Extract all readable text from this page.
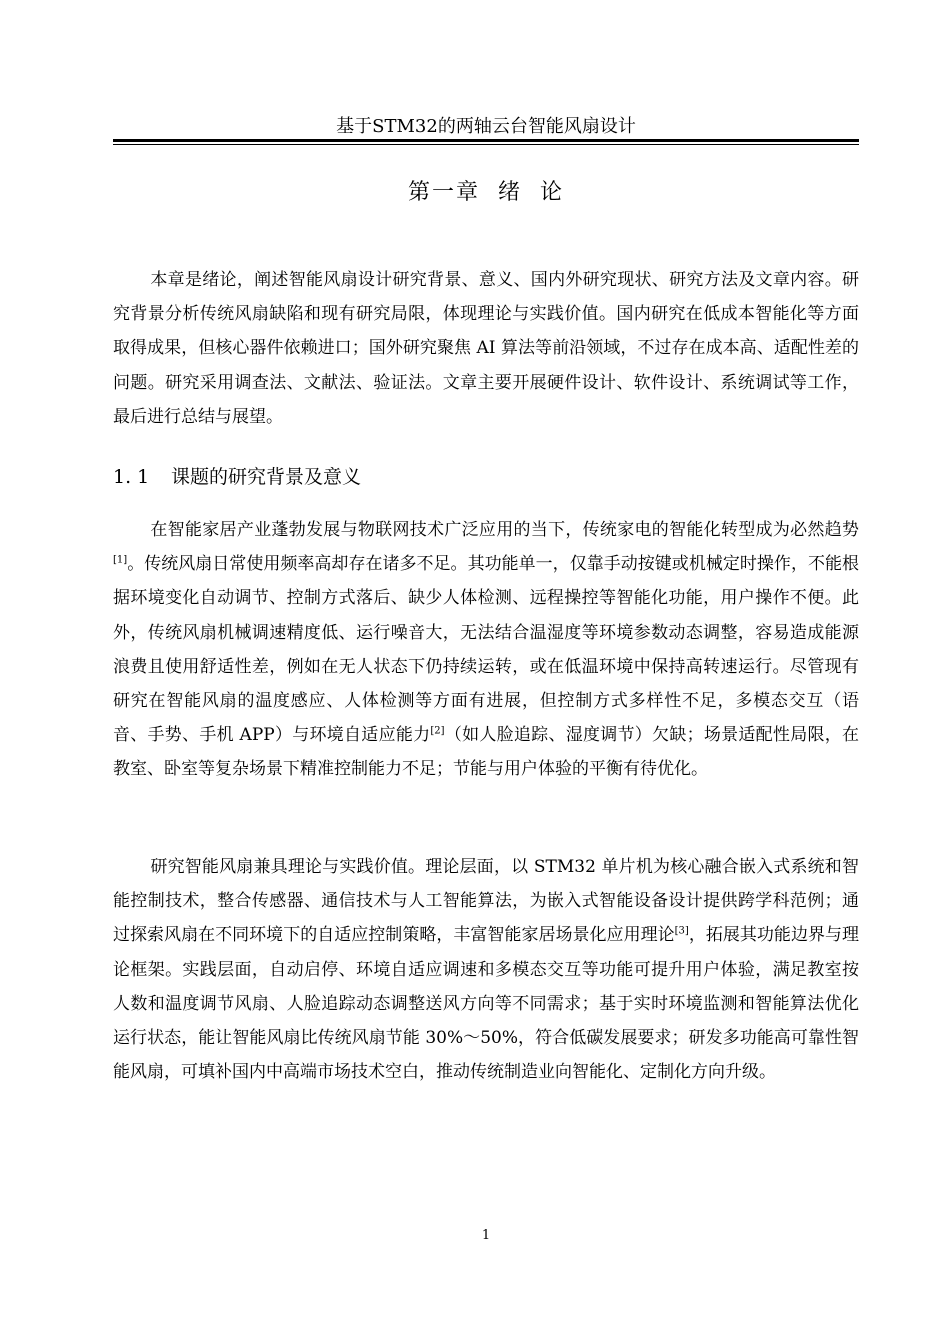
基于STM32的两轴云台智能风扇设计
第一章  绪  论

本章是绪论，阐述智能风扇设计研究背景、意义、国内外研究现状、研究方法及文章内容。研究背景分析传统风扇缺陷和现有研究局限，体现理论与实践价值。国内研究在低成本智能化等方面取得成果，但核心器件依赖进口；国外研究聚焦 AI 算法等前沿领域，不过存在成本高、适配性差的问题。研究采用调查法、文献法、验证法。文章主要开展硬件设计、软件设计、系统调试等工作，最后进行总结与展望。

1. 1 课题的研究背景及意义

在智能家居产业蓬勃发展与物联网技术广泛应用的当下，传统家电的智能化转型成为必然趋势[1]。传统风扇日常使用频率高却存在诸多不足。其功能单一，仅靠手动按键或机械定时操作，不能根据环境变化自动调节、控制方式落后、缺少人体检测、远程操控等智能化功能，用户操作不便。此外，传统风扇机械调速精度低、运行噪音大，无法结合温湿度等环境参数动态调整，容易造成能源浪费且使用舒适性差，例如在无人状态下仍持续运转，或在低温环境中保持高转速运行。尽管现有研究在智能风扇的温度感应、人体检测等方面有进展，但控制方式多样性不足，多模态交互（语音、手势、手机 APP）与环境自适应能力[2]（如人脸追踪、湿度调节）欠缺；场景适配性局限，在教室、卧室等复杂场景下精准控制能力不足；节能与用户体验的平衡有待优化。

研究智能风扇兼具理论与实践价值。理论层面，以 STM32 单片机为核心融合嵌入式系统和智能控制技术，整合传感器、通信技术与人工智能算法，为嵌入式智能设备设计提供跨学科范例；通过探索风扇在不同环境下的自适应控制策略，丰富智能家居场景化应用理论[3]，拓展其功能边界与理论框架。实践层面，自动启停、环境自适应调速和多模态交互等功能可提升用户体验，满足教室按人数和温度调节风扇、人脸追踪动态调整送风方向等不同需求；基于实时环境监测和智能算法优化运行状态，能让智能风扇比传统风扇节能 30%～50%，符合低碳发展要求；研发多功能高可靠性智能风扇，可填补国内中高端市场技术空白，推动传统制造业向智能化、定制化方向升级。

1
